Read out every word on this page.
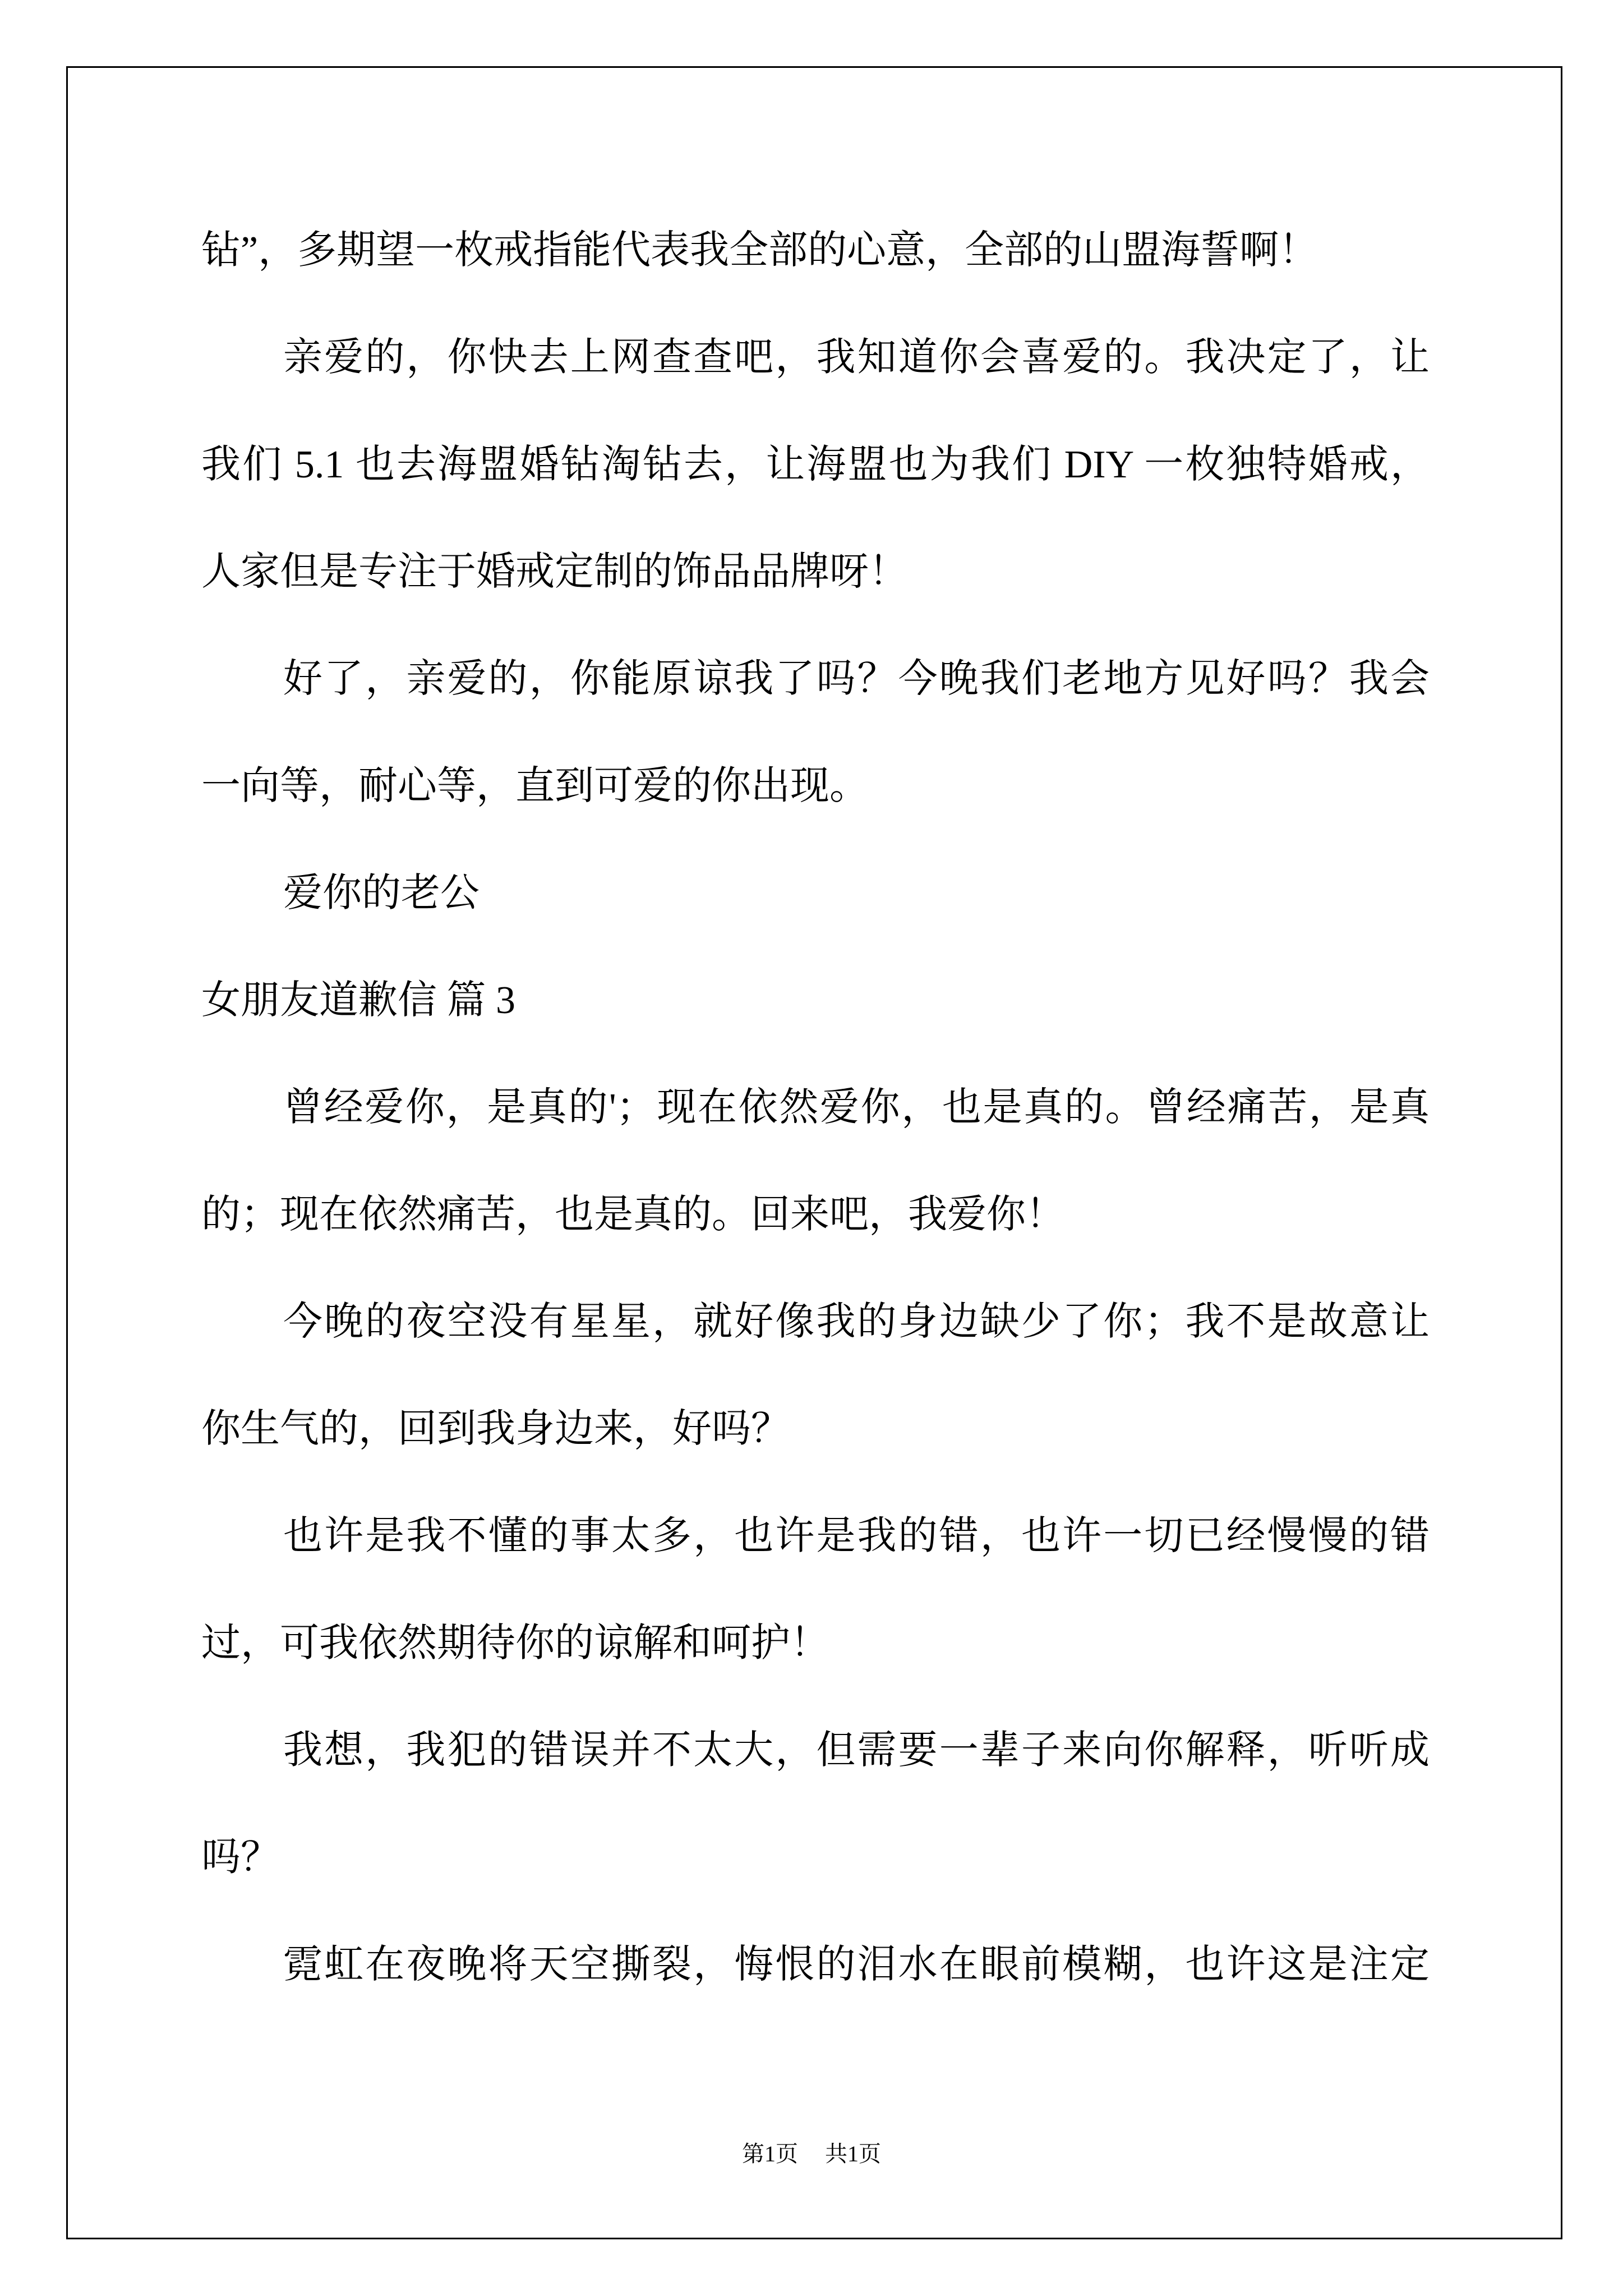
钻”，多期望一枚戒指能代表我全部的心意，全部的山盟海誓啊！
亲爱的，你快去上网查查吧，我知道你会喜爱的。我决定了，让
我们 5.1 也去海盟婚钻淘钻去，让海盟也为我们 DIY 一枚独特婚戒，
人家但是专注于婚戒定制的饰品品牌呀！
好了，亲爱的，你能原谅我了吗？今晚我们老地方见好吗？我会
一向等，耐心等，直到可爱的你出现。
爱你的老公
女朋友道歉信 篇 3
曾经爱你，是真的'；现在依然爱你，也是真的。曾经痛苦，是真
的；现在依然痛苦，也是真的。回来吧，我爱你！
今晚的夜空没有星星，就好像我的身边缺少了你；我不是故意让
你生气的，回到我身边来，好吗？
也许是我不懂的事太多，也许是我的错，也许一切已经慢慢的错
过，可我依然期待你的谅解和呵护！
我想，我犯的错误并不太大，但需要一辈子来向你解释，听听成
吗？
霓虹在夜晚将天空撕裂，悔恨的泪水在眼前模糊，也许这是注定
第1页 共1页
